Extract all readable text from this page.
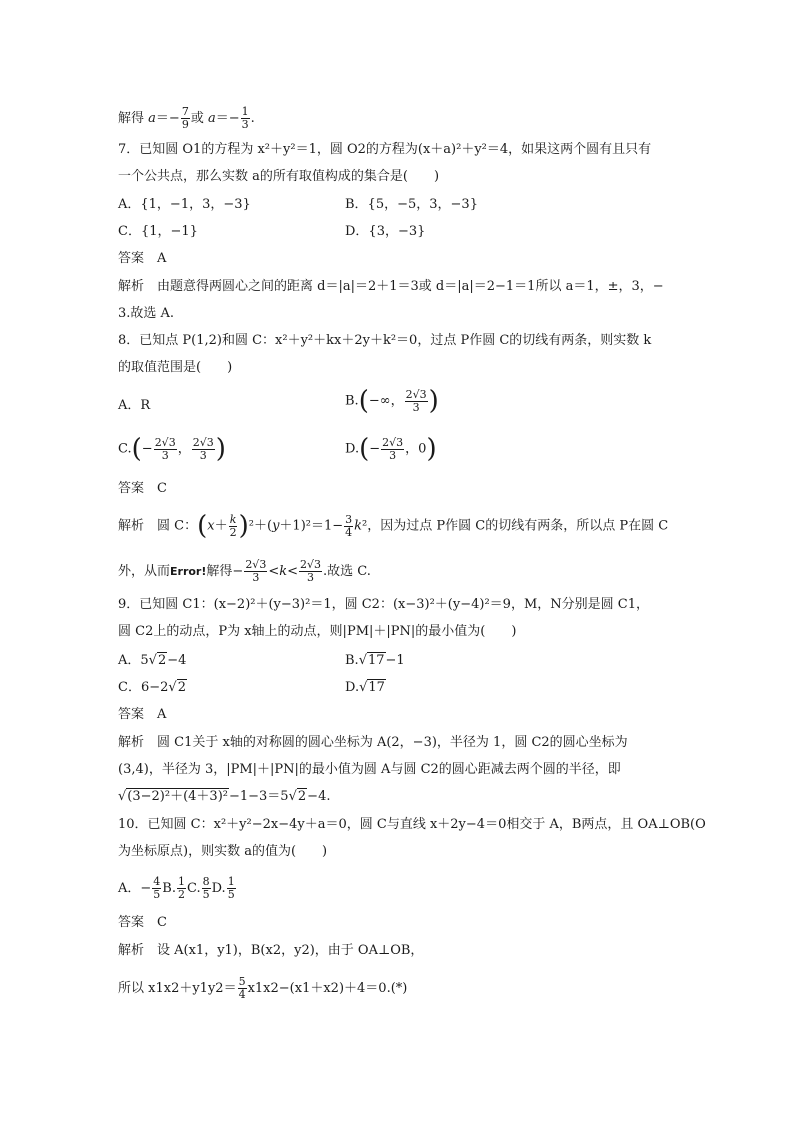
解得 $a=- \frac{7}{9}$ 或 $a=- \frac{1}{3}$ .
7．已知圆 O1的方程为 x²＋y²＝1，圆 O2的方程为(x＋a)²＋y²＝4，如果这两个圆有且只有
一个公共点，那么实数 a的所有取值构成的集合是(　　)
A．{1，−1，3，−3}	B．{5，−5，3，−3}
C．{1，−1}	D．{3，−3}
答案　A
解析　由题意得两圆心之间的距离 d＝|a|＝2＋1＝3或 d＝|a|＝2−1＝1所以 a＝1，±，3，−
3.故选 A.
8．已知点 P(1,2)和圆 C：x²＋y²＋kx＋2y＋k²＝0，过点 P作圆 C的切线有两条，则实数 k
的取值范围是(　　)
A．R	B.(−∞， $\frac{2√3}{3}$ )
$C.(- \frac{2√3}{3}$ ， $\frac{2√3}{3}$ )	$D.(- \frac{2√3}{3}$ ，0)
答案　C
解析　圆 C：$(x+ \frac{k}{2} )^2+(y+1)^2=1- \frac{3}{4} k^2$，因为过点 P作圆 C的切线有两条，所以点 P在圆 C
外，从而Error!解得− $\frac{2√3}{3} <k< \frac{2√3}{3}$ .故选 C.
9．已知圆 C1：(x−2)²＋(y−3)²＝1，圆 C2：(x−3)²＋(y−4)²＝9，M，N分别是圆 C1，
圆 C2上的动点，P为 x轴上的动点，则|PM|＋|PN|的最小值为(　　)
A．5√2−4	B.√17−1
C．6−2√2	D.√17
答案　A
解析　圆 C1关于 x轴的对称圆的圆心坐标为 A(2，−3)，半径为 1，圆 C2的圆心坐标为
(3,4)，半径为 3，|PM|＋|PN|的最小值为圆 A与圆 C2的圆心距减去两个圆的半径，即
√(3−2)²＋(4＋3)²−1−3＝5√2−4.
10．已知圆 C：x²＋y²−2x−4y＋a＝0，圆 C与直线 x＋2y−4＝0相交于 A，B两点，且 OA⊥OB(O
为坐标原点)，则实数 a的值为(　　)
A．− $\frac{4}{5} B$. $\frac{1}{2} C$. $\frac{8}{5} D$. $\frac{1}{5}$
答案　C
解析　设 A(x1，y1)，B(x2，y2)，由于 OA⊥OB，
所以 $x1x2+y1y2= \frac{5}{4} x1x2-(x1+x2)+4=0.(*)$
